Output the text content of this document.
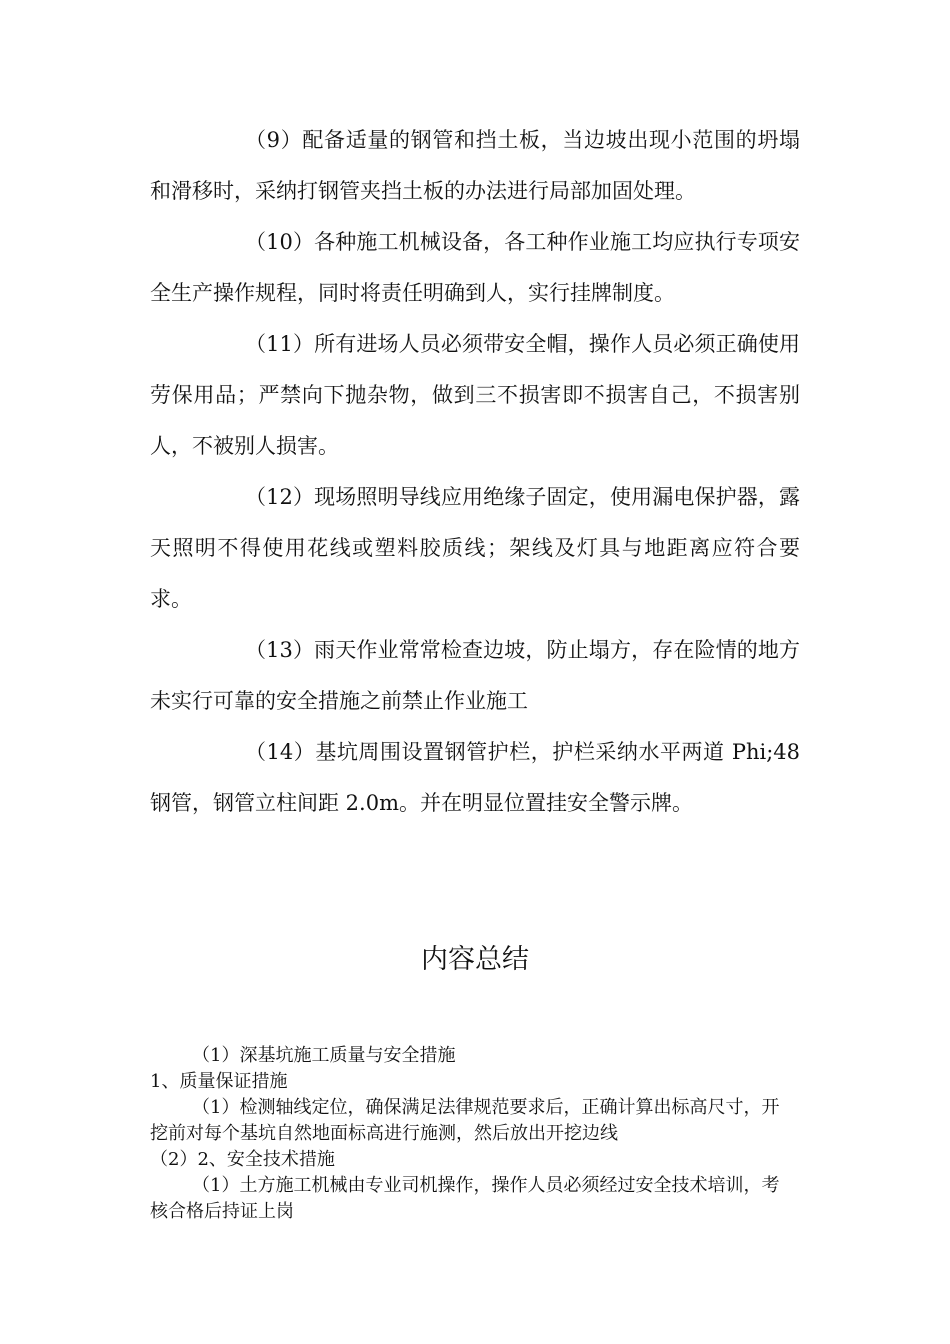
（9）配备适量的钢管和挡土板，当边坡出现小范围的坍塌和滑移时，采纳打钢管夹挡土板的办法进行局部加固处理。

（10）各种施工机械设备，各工种作业施工均应执行专项安全生产操作规程，同时将责任明确到人，实行挂牌制度。

（11）所有进场人员必须带安全帽，操作人员必须正确使用劳保用品；严禁向下抛杂物，做到三不损害即不损害自己，不损害别人，不被别人损害。

（12）现场照明导线应用绝缘子固定，使用漏电保护器，露天照明不得使用花线或塑料胶质线；架线及灯具与地距离应符合要求。

（13）雨天作业常常检查边坡，防止塌方，存在险情的地方未实行可靠的安全措施之前禁止作业施工

（14）基坑周围设置钢管护栏，护栏采纳水平两道 Phi;48 钢管，钢管立柱间距 2.0m。并在明显位置挂安全警示牌。

内容总结

（1）深基坑施工质量与安全措施

1、质量保证措施

（1）检测轴线定位，确保满足法律规范要求后，正确计算出标高尺寸，开挖前对每个基坑自然地面标高进行施测，然后放出开挖边线

（2）2、安全技术措施

（1）土方施工机械由专业司机操作，操作人员必须经过安全技术培训，考核合格后持证上岗
